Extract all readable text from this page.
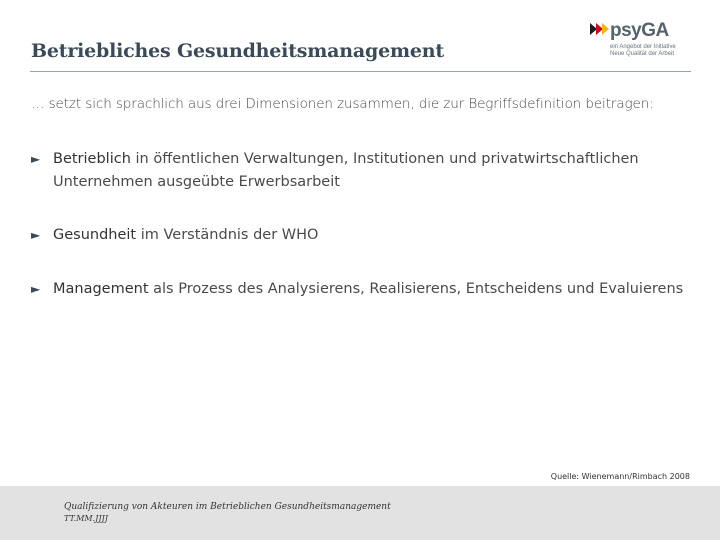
Betriebliches Gesundheitsmanagement
psyGA
ein Angebot der Initiative
Neue Qualität der Arbeit
… setzt sich sprachlich aus drei Dimensionen zusammen, die zur Begriffsdefinition beitragen:
► Betrieblich in öffentlichen Verwaltungen, Institutionen und privatwirtschaftlichen
Unternehmen ausgeübte Erwerbsarbeit
► Gesundheit im Verständnis der WHO
► Management als Prozess des Analysierens, Realisierens, Entscheidens und Evaluierens
Quelle: Wienemann/Rimbach 2008
Qualifizierung von Akteuren im Betrieblichen Gesundheitsmanagement
TT.MM.JJJJ
